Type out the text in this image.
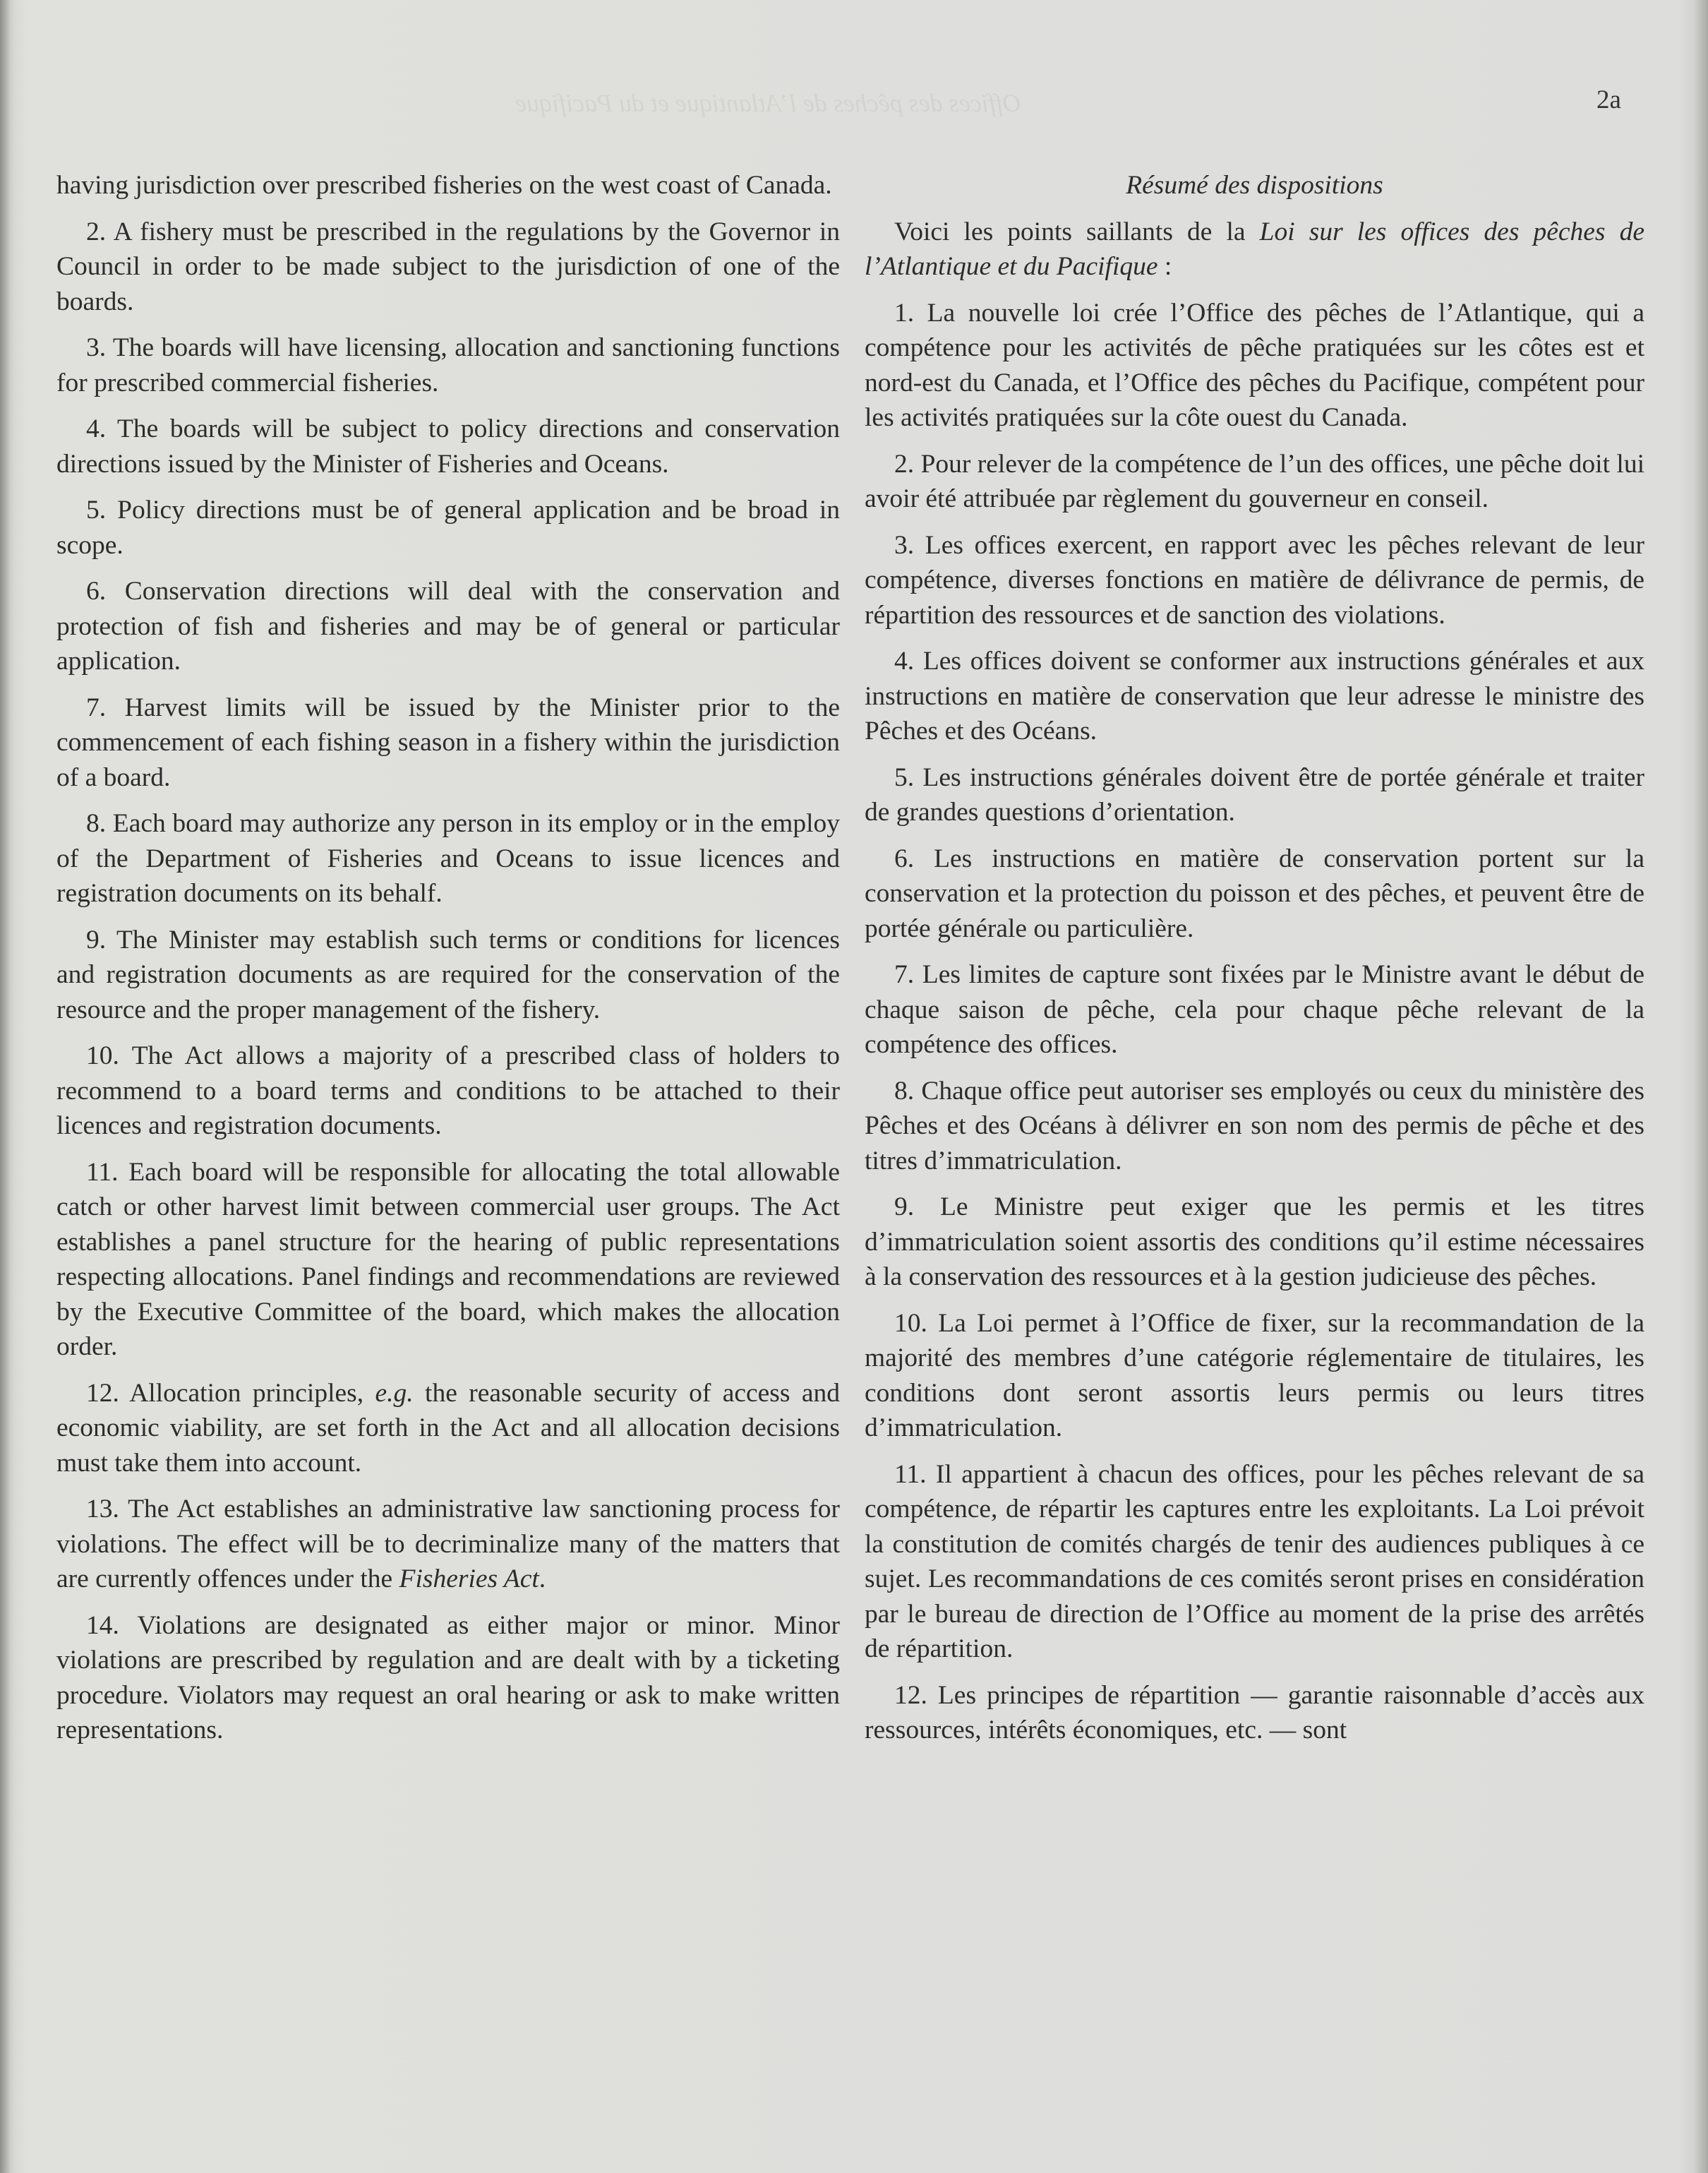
Offices des pêches de l’Atlantique et du Pacifique	2a

having jurisdiction over prescribed fisheries on the west coast of Canada.

2. A fishery must be prescribed in the regulations by the Governor in Council in order to be made subject to the jurisdiction of one of the boards.

3. The boards will have licensing, allocation and sanctioning functions for prescribed commercial fisheries.

4. The boards will be subject to policy directions and conservation directions issued by the Minister of Fisheries and Oceans.

5. Policy directions must be of general application and be broad in scope.

6. Conservation directions will deal with the conservation and protection of fish and fisheries and may be of general or particular application.

7. Harvest limits will be issued by the Minister prior to the commencement of each fishing season in a fishery within the jurisdiction of a board.

8. Each board may authorize any person in its employ or in the employ of the Department of Fisheries and Oceans to issue licences and registration documents on its behalf.

9. The Minister may establish such terms or conditions for licences and registration documents as are required for the conservation of the resource and the proper management of the fishery.

10. The Act allows a majority of a prescribed class of holders to recommend to a board terms and conditions to be attached to their licences and registration documents.

11. Each board will be responsible for allocating the total allowable catch or other harvest limit between commercial user groups. The Act establishes a panel structure for the hearing of public representations respecting allocations. Panel findings and recommendations are reviewed by the Executive Committee of the board, which makes the allocation order.

12. Allocation principles, e.g. the reasonable security of access and economic viability, are set forth in the Act and all allocation decisions must take them into account.

13. The Act establishes an administrative law sanctioning process for violations. The effect will be to decriminalize many of the matters that are currently offences under the Fisheries Act.

14. Violations are designated as either major or minor. Minor violations are prescribed by regulation and are dealt with by a ticketing procedure. Violators may request an oral hearing or ask to make written representations.

Résumé des dispositions

Voici les points saillants de la Loi sur les offices des pêches de l’Atlantique et du Pacifique :

1. La nouvelle loi crée l’Office des pêches de l’Atlantique, qui a compétence pour les activités de pêche pratiquées sur les côtes est et nord-est du Canada, et l’Office des pêches du Pacifique, compétent pour les activités pratiquées sur la côte ouest du Canada.

2. Pour relever de la compétence de l’un des offices, une pêche doit lui avoir été attribuée par règlement du gouverneur en conseil.

3. Les offices exercent, en rapport avec les pêches relevant de leur compétence, diverses fonctions en matière de délivrance de permis, de répartition des ressources et de sanction des violations.

4. Les offices doivent se conformer aux instructions générales et aux instructions en matière de conservation que leur adresse le ministre des Pêches et des Océans.

5. Les instructions générales doivent être de portée générale et traiter de grandes questions d’orientation.

6. Les instructions en matière de conservation portent sur la conservation et la protection du poisson et des pêches, et peuvent être de portée générale ou particulière.

7. Les limites de capture sont fixées par le Ministre avant le début de chaque saison de pêche, cela pour chaque pêche relevant de la compétence des offices.

8. Chaque office peut autoriser ses employés ou ceux du ministère des Pêches et des Océans à délivrer en son nom des permis de pêche et des titres d’immatriculation.

9. Le Ministre peut exiger que les permis et les titres d’immatriculation soient assortis des conditions qu’il estime nécessaires à la conservation des ressources et à la gestion judicieuse des pêches.

10. La Loi permet à l’Office de fixer, sur la recommandation de la majorité des membres d’une catégorie réglementaire de titulaires, les conditions dont seront assortis leurs permis ou leurs titres d’immatriculation.

11. Il appartient à chacun des offices, pour les pêches relevant de sa compétence, de répartir les captures entre les exploitants. La Loi prévoit la constitution de comités chargés de tenir des audiences publiques à ce sujet. Les recommandations de ces comités seront prises en considération par le bureau de direction de l’Office au moment de la prise des arrêtés de répartition.

12. Les principes de répartition — garantie raisonnable d’accès aux ressources, intérêts économiques, etc. — sont
